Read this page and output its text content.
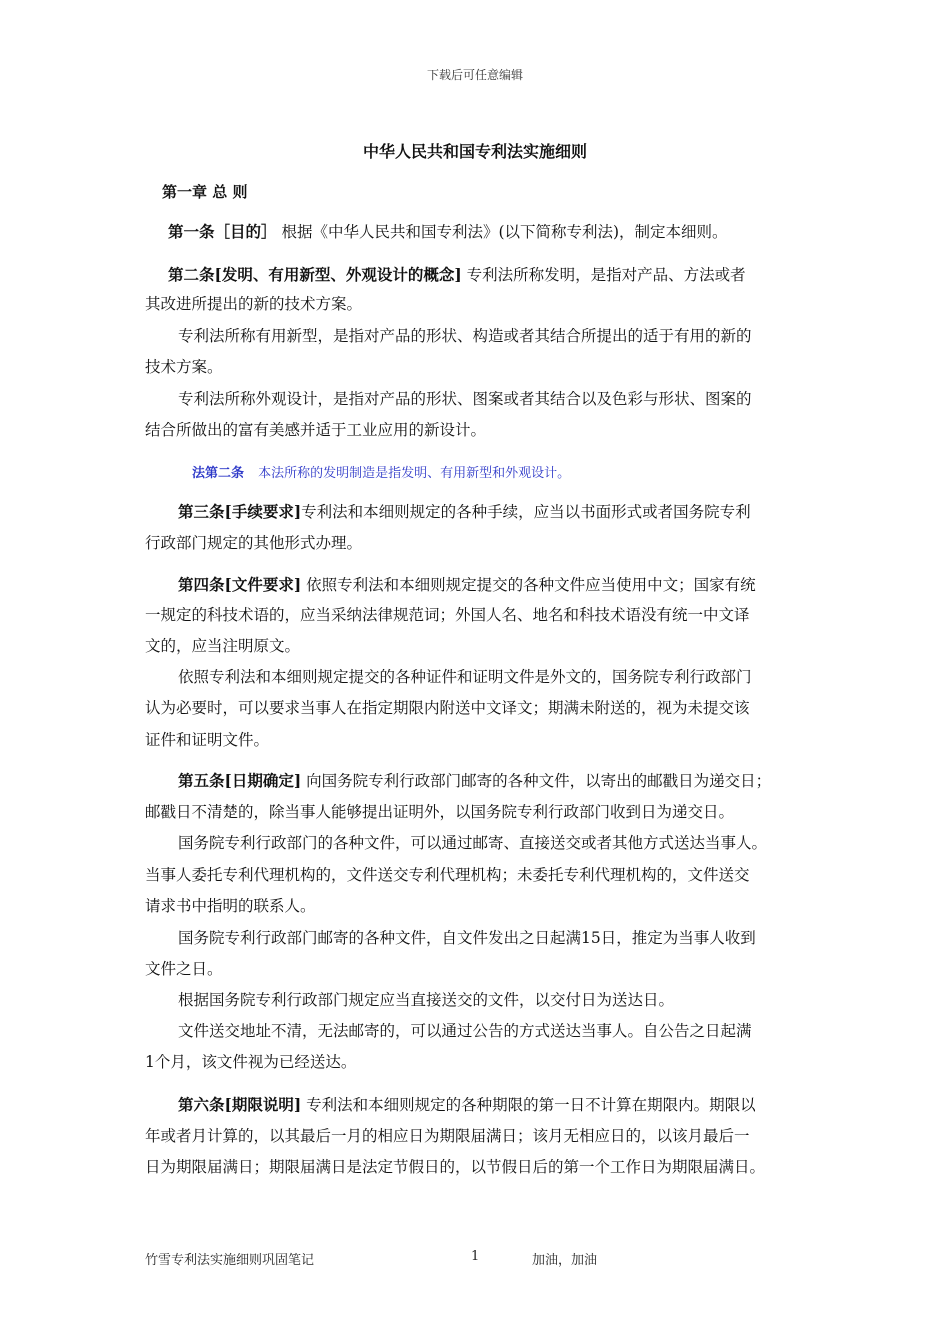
下载后可任意编辑
中华人民共和国专利法实施细则
第一章 总 则
第一条［目的］ 根据《中华人民共和国专利法》(以下简称专利法)，制定本细则。
第二条[发明、有用新型、外观设计的概念] 专利法所称发明，是指对产品、方法或者
其改进所提出的新的技术方案。
专利法所称有用新型，是指对产品的形状、构造或者其结合所提出的适于有用的新的
技术方案。
专利法所称外观设计，是指对产品的形状、图案或者其结合以及色彩与形状、图案的
结合所做出的富有美感并适于工业应用的新设计。
法第二条 本法所称的发明制造是指发明、有用新型和外观设计。
第三条[手续要求]专利法和本细则规定的各种手续，应当以书面形式或者国务院专利
行政部门规定的其他形式办理。
第四条[文件要求] 依照专利法和本细则规定提交的各种文件应当使用中文；国家有统
一规定的科技术语的，应当采纳法律规范词；外国人名、地名和科技术语没有统一中文译
文的，应当注明原文。
依照专利法和本细则规定提交的各种证件和证明文件是外文的，国务院专利行政部门
认为必要时，可以要求当事人在指定期限内附送中文译文；期满未附送的，视为未提交该
证件和证明文件。
第五条[日期确定] 向国务院专利行政部门邮寄的各种文件，以寄出的邮戳日为递交日；
邮戳日不清楚的，除当事人能够提出证明外，以国务院专利行政部门收到日为递交日。
国务院专利行政部门的各种文件，可以通过邮寄、直接送交或者其他方式送达当事人。
当事人委托专利代理机构的，文件送交专利代理机构；未委托专利代理机构的，文件送交
请求书中指明的联系人。
国务院专利行政部门邮寄的各种文件，自文件发出之日起满15日，推定为当事人收到
文件之日。
根据国务院专利行政部门规定应当直接送交的文件，以交付日为送达日。
文件送交地址不清，无法邮寄的，可以通过公告的方式送达当事人。自公告之日起满
1个月，该文件视为已经送达。
第六条[期限说明] 专利法和本细则规定的各种期限的第一日不计算在期限内。期限以
年或者月计算的，以其最后一月的相应日为期限届满日；该月无相应日的，以该月最后一
日为期限届满日；期限届满日是法定节假日的，以节假日后的第一个工作日为期限届满日。
竹雪专利法实施细则巩固笔记	1	加油，加油
